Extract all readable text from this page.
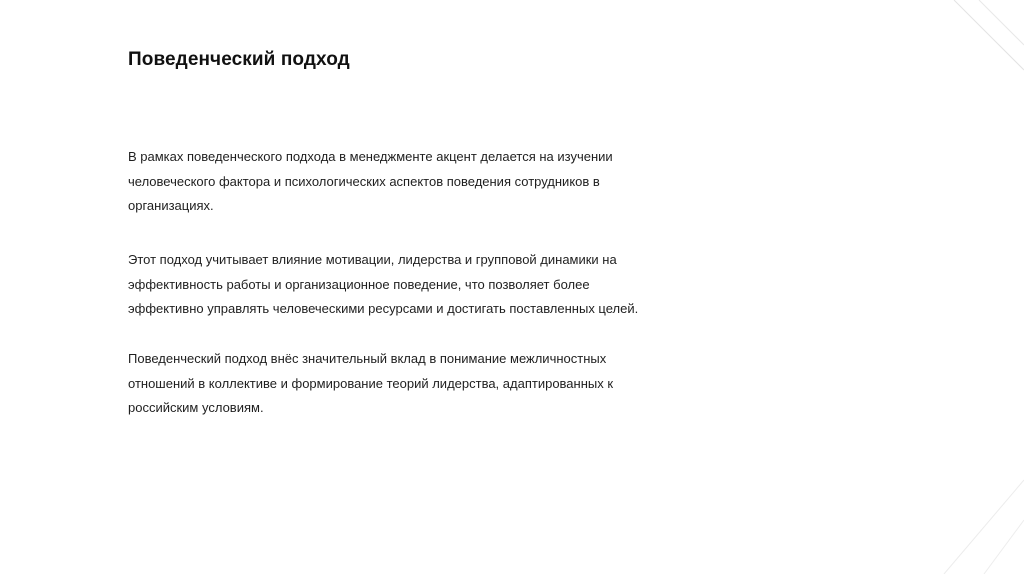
Поведенческий подход

В рамках поведенческого подхода в менеджменте акцент делается на изучении
человеческого фактора и психологических аспектов поведения сотрудников в
организациях.

Этот подход учитывает влияние мотивации, лидерства и групповой динамики на
эффективность работы и организационное поведение, что позволяет более
эффективно управлять человеческими ресурсами и достигать поставленных целей.

Поведенческий подход внёс значительный вклад в понимание межличностных
отношений в коллективе и формирование теорий лидерства, адаптированных к
российским условиям.
